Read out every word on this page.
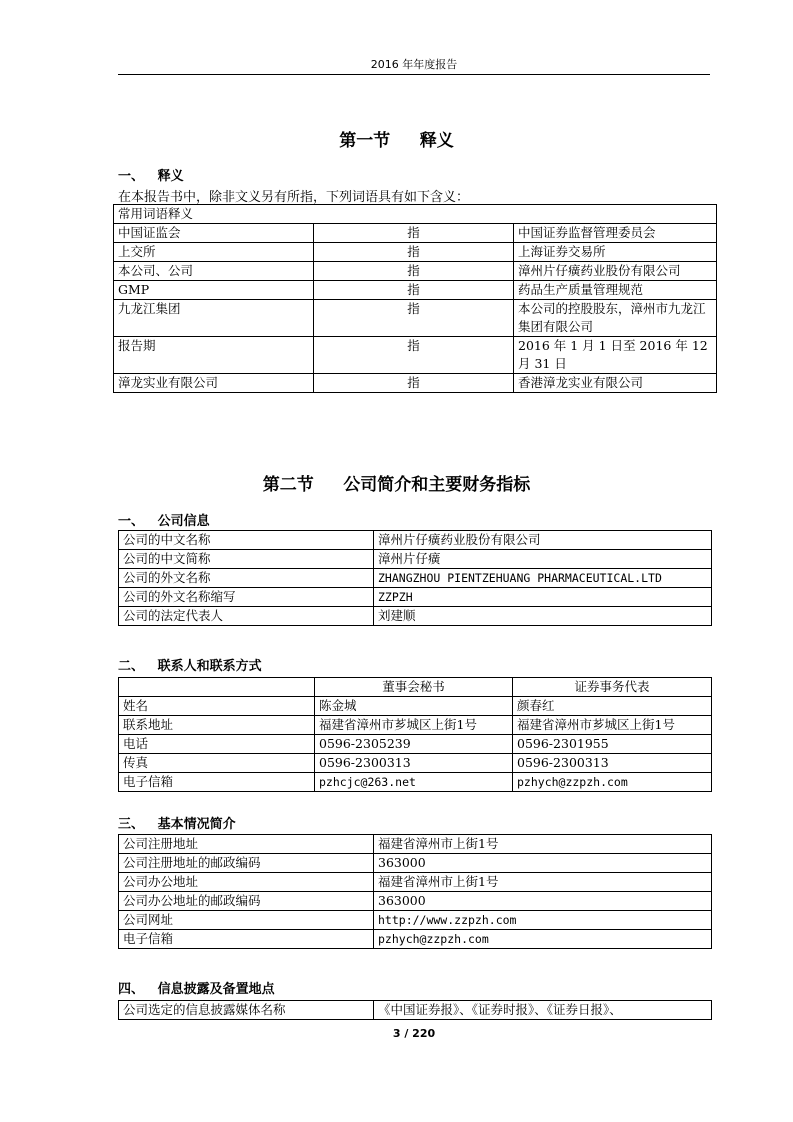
2016 年年度报告
第一节     释义
一、   释义
在本报告书中，除非文义另有所指，下列词语具有如下含义：
常用词语释义		
中国证监会	指	中国证券监督管理委员会
上交所	指	上海证券交易所
本公司、公司	指	漳州片仔癀药业股份有限公司
GMP	指	药品生产质量管理规范
九龙江集团	指	本公司的控股股东，漳州市九龙江集团有限公司
报告期	指	2016 年 1 月 1 日至 2016 年 12 月 31 日
漳龙实业有限公司	指	香港漳龙实业有限公司
第二节     公司简介和主要财务指标
一、   公司信息
公司的中文名称	漳州片仔癀药业股份有限公司
公司的中文简称	漳州片仔癀
公司的外文名称	ZHANGZHOU PIENTZEHUANG PHARMACEUTICAL.LTD
公司的外文名称缩写	ZZPZH
公司的法定代表人	刘建顺
二、   联系人和联系方式
	董事会秘书	证券事务代表
姓名	陈金城	颜春红
联系地址	福建省漳州市芗城区上街1号	福建省漳州市芗城区上街1号
电话	0596-2305239	0596-2301955
传真	0596-2300313	0596-2300313
电子信箱	pzhcjc@263.net	pzhych@zzpzh.com
三、   基本情况简介
公司注册地址	福建省漳州市上街1号
公司注册地址的邮政编码	363000
公司办公地址	福建省漳州市上街1号
公司办公地址的邮政编码	363000
公司网址	http://www.zzpzh.com
电子信箱	pzhych@zzpzh.com
四、   信息披露及备置地点
公司选定的信息披露媒体名称	《中国证券报》、《证券时报》、《证券日报》、
3 / 220
